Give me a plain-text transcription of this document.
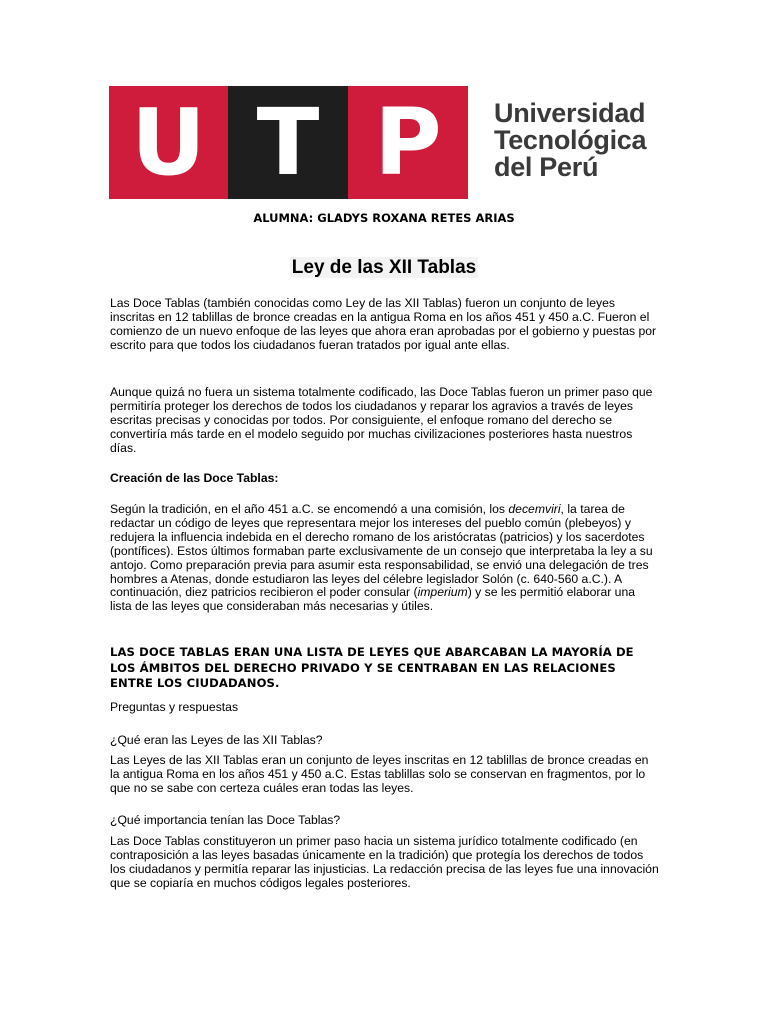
U T P Universidad
Tecnológica
del Perú
ALUMNA: GLADYS ROXANA RETES ARIAS
Ley de las XII Tablas

Las Doce Tablas (también conocidas como Ley de las XII Tablas) fueron un conjunto de leyes inscritas en 12 tablillas de bronce creadas en la antigua Roma en los años 451 y 450 a.C. Fueron el comienzo de un nuevo enfoque de las leyes que ahora eran aprobadas por el gobierno y puestas por escrito para que todos los ciudadanos fueran tratados por igual ante ellas.

Aunque quizá no fuera un sistema totalmente codificado, las Doce Tablas fueron un primer paso que permitiría proteger los derechos de todos los ciudadanos y reparar los agravios a través de leyes escritas precisas y conocidas por todos. Por consiguiente, el enfoque romano del derecho se convertiría más tarde en el modelo seguido por muchas civilizaciones posteriores hasta nuestros días.

Creación de las Doce Tablas:

Según la tradición, en el año 451 a.C. se encomendó a una comisión, los decemviri, la tarea de redactar un código de leyes que representara mejor los intereses del pueblo común (plebeyos) y redujera la influencia indebida en el derecho romano de los aristócratas (patricios) y los sacerdotes (pontífices). Estos últimos formaban parte exclusivamente de un consejo que interpretaba la ley a su antojo. Como preparación previa para asumir esta responsabilidad, se envió una delegación de tres hombres a Atenas, donde estudiaron las leyes del célebre legislador Solón (c. 640-560 a.C.). A continuación, diez patricios recibieron el poder consular (imperium) y se les permitió elaborar una lista de las leyes que consideraban más necesarias y útiles.

LAS DOCE TABLAS ERAN UNA LISTA DE LEYES QUE ABARCABAN LA MAYORÍA DE LOS ÁMBITOS DEL DERECHO PRIVADO Y SE CENTRABAN EN LAS RELACIONES ENTRE LOS CIUDADANOS.
Preguntas y respuestas
¿Qué eran las Leyes de las XII Tablas?
Las Leyes de las XII Tablas eran un conjunto de leyes inscritas en 12 tablillas de bronce creadas en la antigua Roma en los años 451 y 450 a.C. Estas tablillas solo se conservan en fragmentos, por lo que no se sabe con certeza cuáles eran todas las leyes.
¿Qué importancia tenían las Doce Tablas?
Las Doce Tablas constituyeron un primer paso hacia un sistema jurídico totalmente codificado (en contraposición a las leyes basadas únicamente en la tradición) que protegía los derechos de todos los ciudadanos y permitía reparar las injusticias. La redacción precisa de las leyes fue una innovación que se copiaría en muchos códigos legales posteriores.
